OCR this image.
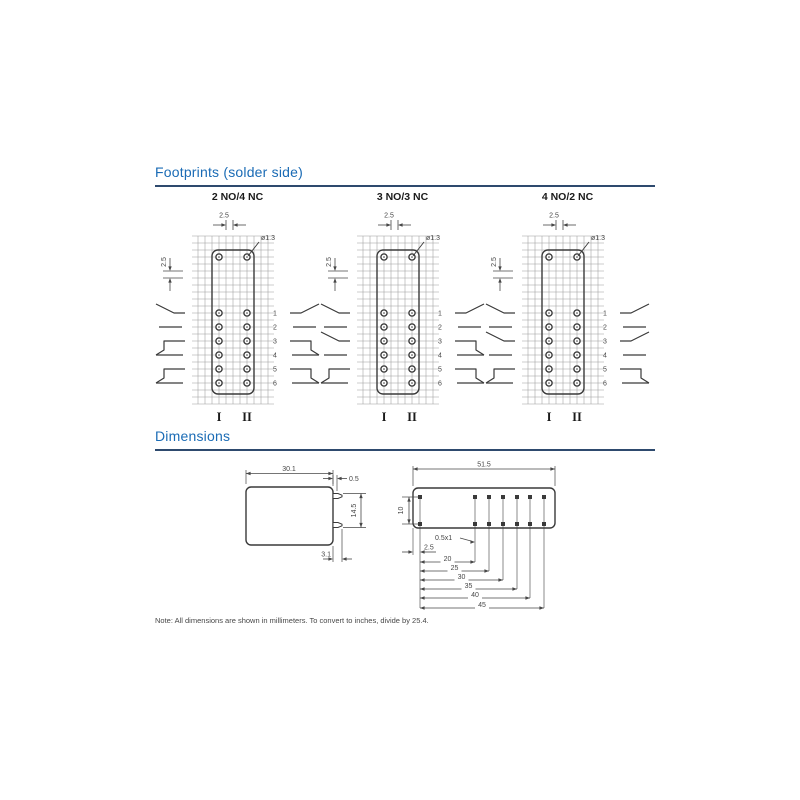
Footprints (solder side)
2 NO/4 NC
2.5
2.5
ø1.3
1
2
3
4
5
6
I II
3 NO/3 NC
2.5
2.5
ø1.3
1
2
3
4
5
6
I II
4 NO/2 NC
2.5
2.5
ø1.3
1
2
3
4
5
6
I II
Dimensions
30.1
0.5
14.5
3.1
51.5
10
0.5x1
2.5
20
25
30
35
40
45
Note: All dimensions are shown in millimeters. To convert to inches, divide by 25.4.
